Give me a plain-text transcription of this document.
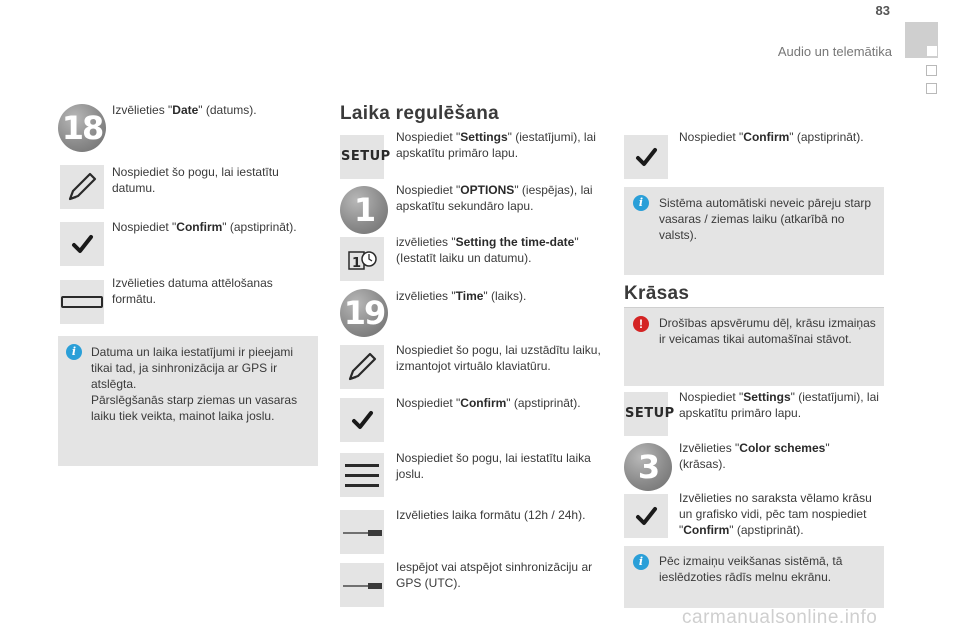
83
Audio un telemātika
18 Izvēlieties "Date" (datums).
Nospiediet šo pogu, lai iestatītu datumu.
Nospiediet "Confirm" (apstiprināt).
Izvēlieties datuma attēlošanas formātu.
i	Datuma un laika iestatījumi ir pieejami tikai tad, ja sinhronizācija ar GPS ir atslēgta.
Pārslēgšanās starp ziemas un vasaras laiku tiek veikta, mainot laika joslu.
Laika regulēšana
SETUP
Nospiediet "Settings" (iestatījumi), lai apskatītu primāro lapu.
1
Nospiediet "OPTIONS" (iespējas), lai apskatītu sekundāro lapu.
1
izvēlieties "Setting the time-date" (Iestatīt laiku un datumu).
19 izvēlieties "Time" (laiks).
Nospiediet šo pogu, lai uzstādītu laiku, izmantojot virtuālo klaviatūru.
Nospiediet "Confirm" (apstiprināt).
Nospiediet šo pogu, lai iestatītu laika joslu.
Izvēlieties laika formātu (12h / 24h).
Iespējot vai atspējot sinhronizāciju ar GPS (UTC).
Nospiediet "Confirm" (apstiprināt).
i	Sistēma automātiski neveic pāreju starp vasaras / ziemas laiku (atkarībā no valsts).
Krāsas
!	Drošības apsvērumu dēļ, krāsu izmaiņas ir veicamas tikai automašīnai stāvot.
SETUP
Nospiediet "Settings" (iestatījumi), lai apskatītu primāro lapu.
3	Izvēlieties "Color schemes" (krāsas).
Izvēlieties no saraksta vēlamo krāsu un grafisko vidi, pēc tam nospiediet "Confirm" (apstiprināt).
i	Pēc izmaiņu veikšanas sistēmā, tā ieslēdzoties rādīs melnu ekrānu.
carmanualsonline.info
